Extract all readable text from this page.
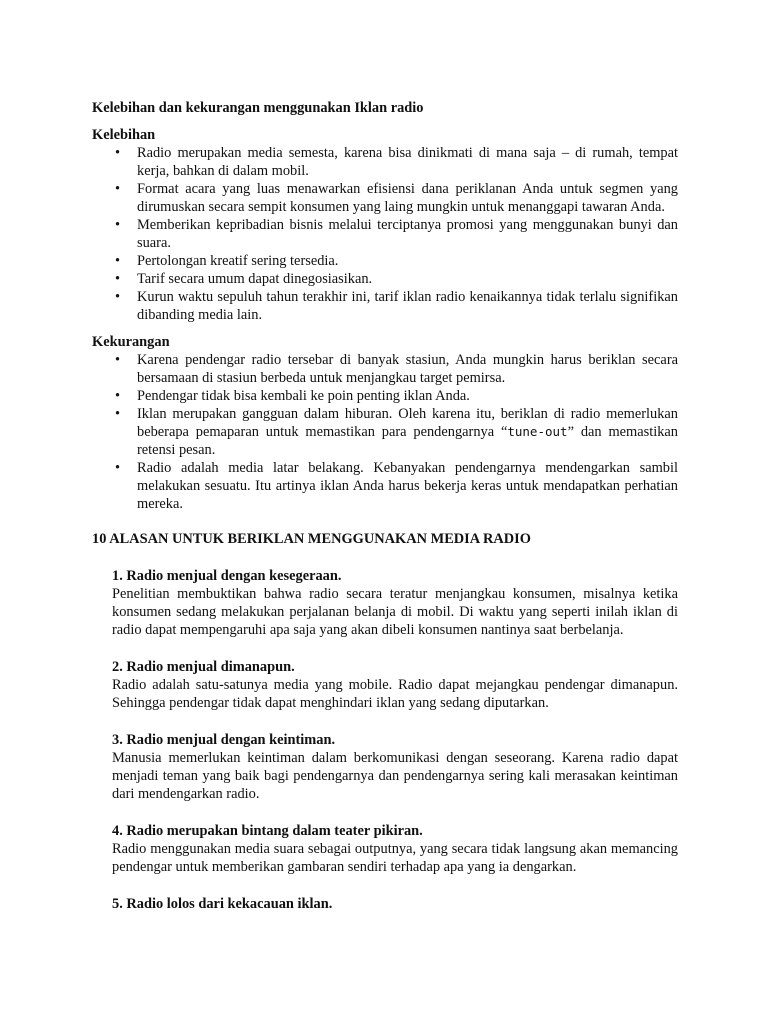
Kelebihan dan kekurangan menggunakan Iklan radio
Kelebihan
• Radio merupakan media semesta, karena bisa dinikmati di mana saja – di rumah, tempat kerja, bahkan di dalam mobil.
• Format acara yang luas menawarkan efisiensi dana periklanan Anda untuk segmen yang dirumuskan secara sempit konsumen yang laing mungkin untuk menanggapi tawaran Anda.
• Memberikan kepribadian bisnis melalui terciptanya promosi yang menggunakan bunyi dan suara.
• Pertolongan kreatif sering tersedia.
• Tarif secara umum dapat dinegosiasikan.
• Kurun waktu sepuluh tahun terakhir ini, tarif iklan radio kenaikannya tidak terlalu signifikan dibanding media lain.
Kekurangan
• Karena pendengar radio tersebar di banyak stasiun, Anda mungkin harus beriklan secara bersamaan di stasiun berbeda untuk menjangkau target pemirsa.
• Pendengar tidak bisa kembali ke poin penting iklan Anda.
• Iklan merupakan gangguan dalam hiburan. Oleh karena itu, beriklan di radio memerlukan beberapa pemaparan untuk memastikan para pendengarnya “tune-out” dan memastikan retensi pesan.
• Radio adalah media latar belakang. Kebanyakan pendengarnya mendengarkan sambil melakukan sesuatu. Itu artinya iklan Anda harus bekerja keras untuk mendapatkan perhatian mereka.
10 ALASAN UNTUK BERIKLAN MENGGUNAKAN MEDIA RADIO
1. Radio menjual dengan kesegeraan.
Penelitian membuktikan bahwa radio secara teratur menjangkau konsumen, misalnya ketika konsumen sedang melakukan perjalanan belanja di mobil. Di waktu yang seperti inilah iklan di radio dapat mempengaruhi apa saja yang akan dibeli konsumen nantinya saat berbelanja.
2. Radio menjual dimanapun.
Radio adalah satu-satunya media yang mobile. Radio dapat mejangkau pendengar dimanapun. Sehingga pendengar tidak dapat menghindari iklan yang sedang diputarkan.
3. Radio menjual dengan keintiman.
Manusia memerlukan keintiman dalam berkomunikasi dengan seseorang. Karena radio dapat menjadi teman yang baik bagi pendengarnya dan pendengarnya sering kali merasakan keintiman dari mendengarkan radio.
4. Radio merupakan bintang dalam teater pikiran.
Radio menggunakan media suara sebagai outputnya, yang secara tidak langsung akan memancing pendengar untuk memberikan gambaran sendiri terhadap apa yang ia dengarkan.
5. Radio lolos dari kekacauan iklan.
